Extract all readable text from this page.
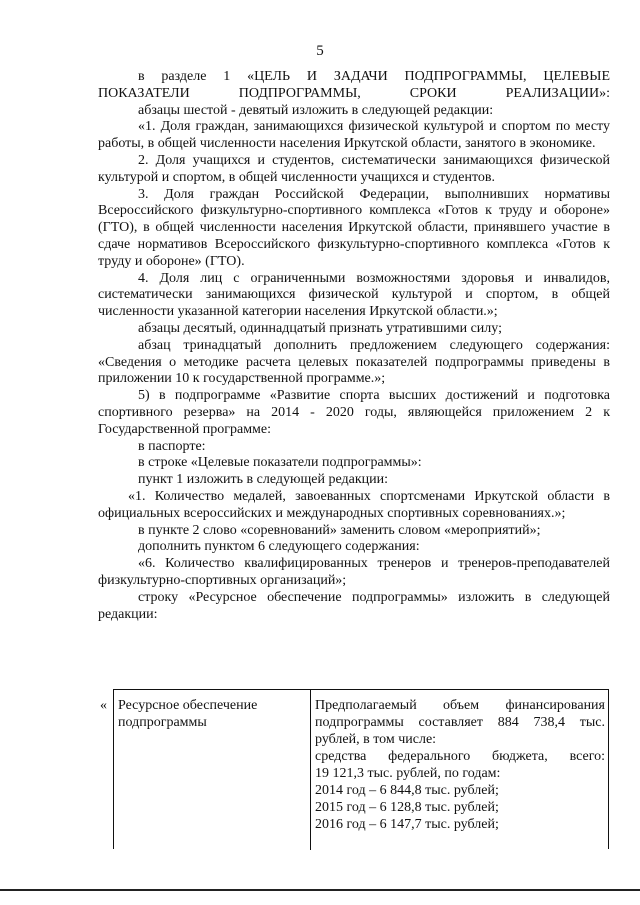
5

в разделе 1 «ЦЕЛЬ И ЗАДАЧИ ПОДПРОГРАММЫ, ЦЕЛЕВЫЕ ПОКАЗАТЕЛИ ПОДПРОГРАММЫ, СРОКИ РЕАЛИЗАЦИИ»:

абзацы шестой - девятый изложить в следующей редакции:

«1. Доля граждан, занимающихся физической культурой и спортом по месту работы, в общей численности населения Иркутской области, занятого в экономике.

2. Доля учащихся и студентов, систематически занимающихся физической культурой и спортом, в общей численности учащихся и студентов.

3. Доля граждан Российской Федерации, выполнивших нормативы Всероссийского физкультурно-спортивного комплекса «Готов к труду и обороне» (ГТО), в общей численности населения Иркутской области, принявшего участие в сдаче нормативов Всероссийского физкультурно-спортивного комплекса «Готов к труду и обороне» (ГТО).

4. Доля лиц с ограниченными возможностями здоровья и инвалидов, систематически занимающихся физической культурой и спортом, в общей численности указанной категории населения Иркутской области.»;

абзацы десятый, одиннадцатый признать утратившими силу;

абзац тринадцатый дополнить предложением следующего содержания: «Сведения о методике расчета целевых показателей подпрограммы приведены в приложении 10 к государственной программе.»;

5) в подпрограмме «Развитие спорта высших достижений и подготовка спортивного резерва» на 2014 - 2020 годы, являющейся приложением 2 к Государственной программе:

в паспорте:

в строке «Целевые показатели подпрограммы»:

пункт 1 изложить в следующей редакции:

«1. Количество медалей, завоеванных спортсменами Иркутской области в официальных всероссийских и международных спортивных соревнованиях.»;

в пункте 2 слово «соревнований» заменить словом «мероприятий»;

дополнить пунктом 6 следующего содержания:

«6. Количество квалифицированных тренеров и тренеров-преподавателей физкультурно-спортивных организаций»;

строку «Ресурсное обеспечение подпрограммы» изложить в следующей редакции:

« Ресурсное обеспечение подпрограммы
Предполагаемый объем финансирования
подпрограммы составляет 884 738,4 тыс.
рублей, в том числе:
средства федерального бюджета, всего:
19 121,3 тыс. рублей, по годам:
2014 год – 6 844,8 тыс. рублей;
2015 год – 6 128,8 тыс. рублей;
2016 год – 6 147,7 тыс. рублей;
